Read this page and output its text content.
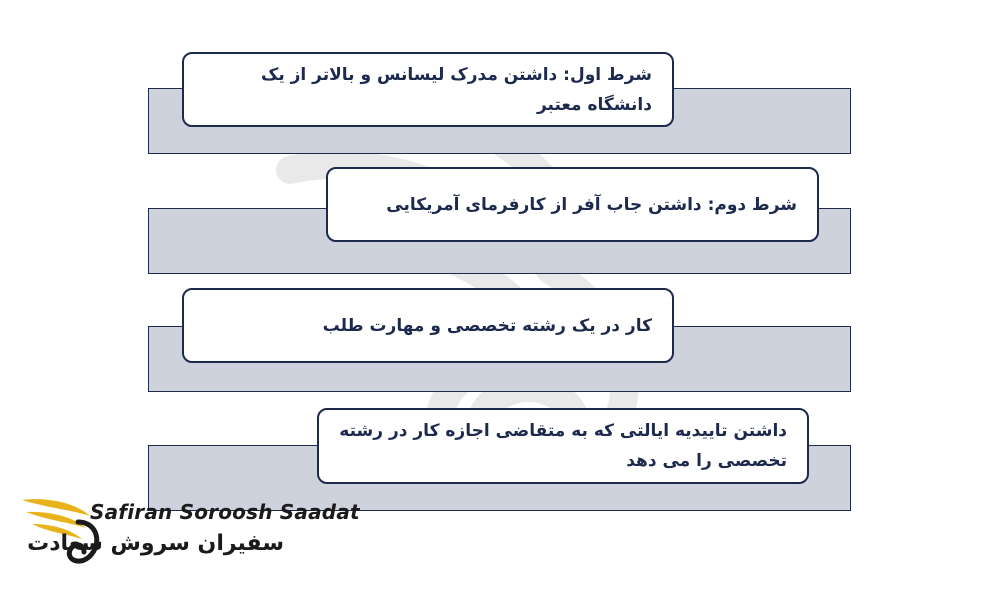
شرط اول: داشتن مدرک لیسانس و بالاتر از یک دانشگاه معتبر
شرط دوم: داشتن جاب آفر از کارفرمای آمریکایی
کار در یک رشته تخصصی و مهارت طلب
داشتن تاییدیه ایالتی که به متقاضی اجازه کار در رشته تخصصی را می دهد
Safiran Soroosh Saadat
سفیران سروش سعادت
